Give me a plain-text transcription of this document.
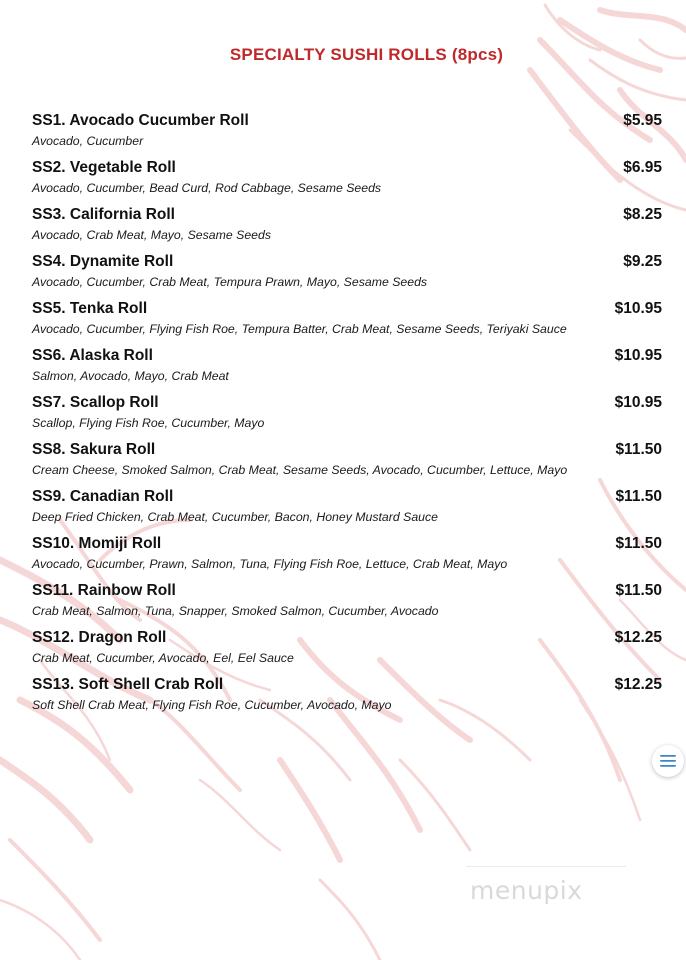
SPECIALTY SUSHI ROLLS (8pcs)
SS1. Avocado Cucumber Roll	$5.95
Avocado, Cucumber
SS2. Vegetable Roll	$6.95
Avocado, Cucumber, Bead Curd, Rod Cabbage, Sesame Seeds
SS3. California Roll	$8.25
Avocado, Crab Meat, Mayo, Sesame Seeds
SS4. Dynamite Roll	$9.25
Avocado, Cucumber, Crab Meat, Tempura Prawn, Mayo, Sesame Seeds
SS5. Tenka Roll	$10.95
Avocado, Cucumber, Flying Fish Roe, Tempura Batter, Crab Meat, Sesame Seeds, Teriyaki Sauce
SS6. Alaska Roll	$10.95
Salmon, Avocado, Mayo, Crab Meat
SS7. Scallop Roll	$10.95
Scallop, Flying Fish Roe, Cucumber, Mayo
SS8. Sakura Roll	$11.50
Cream Cheese, Smoked Salmon, Crab Meat, Sesame Seeds, Avocado, Cucumber, Lettuce, Mayo
SS9. Canadian Roll	$11.50
Deep Fried Chicken, Crab Meat, Cucumber, Bacon, Honey Mustard Sauce
SS10. Momiji Roll	$11.50
Avocado, Cucumber, Prawn, Salmon, Tuna, Flying Fish Roe, Lettuce, Crab Meat, Mayo
SS11. Rainbow Roll	$11.50
Crab Meat, Salmon, Tuna, Snapper, Smoked Salmon, Cucumber, Avocado
SS12. Dragon Roll	$12.25
Crab Meat, Cucumber, Avocado, Eel, Eel Sauce
SS13. Soft Shell Crab Roll	$12.25
Soft Shell Crab Meat, Flying Fish Roe, Cucumber, Avocado, Mayo
menupix
